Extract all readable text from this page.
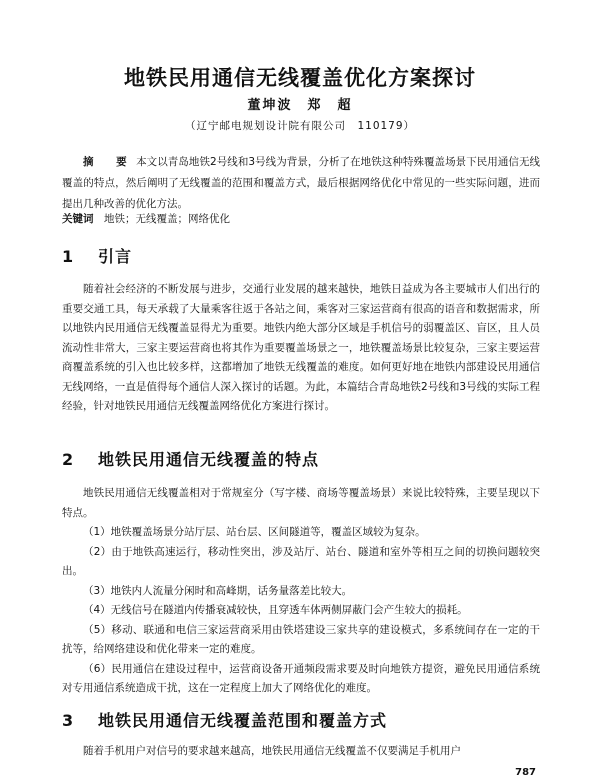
地铁民用通信无线覆盖优化方案探讨
董坤波　郑　超
（辽宁邮电规划设计院有限公司　110179）
摘　要 本文以青岛地铁2号线和3号线为背景，分析了在地铁这种特殊覆盖场景下民用通信无线覆盖的特点，然后阐明了无线覆盖的范围和覆盖方式，最后根据网络优化中常见的一些实际问题，进而提出几种改善的优化方法。
关键词　 地铁；无线覆盖；网络优化
1 引言

随着社会经济的不断发展与进步，交通行业发展的越来越快，地铁日益成为各主要城市人们出行的重要交通工具，每天承载了大量乘客往返于各站之间，乘客对三家运营商有很高的语音和数据需求，所以地铁内民用通信无线覆盖显得尤为重要。地铁内绝大部分区域是手机信号的弱覆盖区、盲区，且人员流动性非常大，三家主要运营商也将其作为重要覆盖场景之一，地铁覆盖场景比较复杂，三家主要运营商覆盖系统的引入也比较多样，这都增加了地铁无线覆盖的难度。如何更好地在地铁内部建设民用通信无线网络，一直是值得每个通信人深入探讨的话题。为此，本篇结合青岛地铁2号线和3号线的实际工程经验，针对地铁民用通信无线覆盖网络优化方案进行探讨。

2 地铁民用通信无线覆盖的特点

地铁民用通信无线覆盖相对于常规室分（写字楼、商场等覆盖场景）来说比较特殊，主要呈现以下特点。

（1）地铁覆盖场景分站厅层、站台层、区间隧道等，覆盖区域较为复杂。

（2）由于地铁高速运行，移动性突出，涉及站厅、站台、隧道和室外等相互之间的切换问题较突出。

（3）地铁内人流量分闲时和高峰期，话务量落差比较大。

（4）无线信号在隧道内传播衰减较快，且穿透车体两侧屏蔽门会产生较大的损耗。

（5）移动、联通和电信三家运营商采用由铁塔建设三家共享的建设模式，多系统间存在一定的干扰等，给网络建设和优化带来一定的难度。

（6）民用通信在建设过程中，运营商设备开通频段需求要及时向地铁方提资，避免民用通信系统对专用通信系统造成干扰，这在一定程度上加大了网络优化的难度。

3 地铁民用通信无线覆盖范围和覆盖方式

随着手机用户对信号的要求越来越高，地铁民用通信无线覆盖不仅要满足手机用户

787
